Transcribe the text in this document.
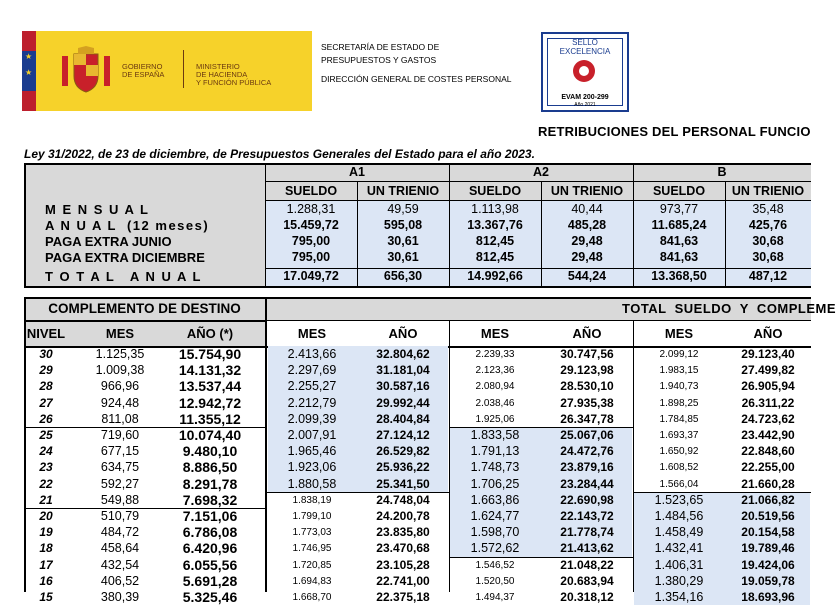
★
★
GOBIERNO
DE ESPAÑA
MINISTERIO
DE HACIENDA
Y FUNCIÓN PÚBLICA
SECRETARÍA DE ESTADO DE
PRESUPUESTOS Y GASTOS
DIRECCIÓN GENERAL DE COSTES PERSONAL
SELLO
EXCELENCIA
EVAM 200-299
Año 2021
RETRIBUCIONES DEL PERSONAL FUNCIO
Ley 31/2022, de 23 de diciembre, de Presupuestos Generales del Estado para el año 2023.
A1	A2	B
SUELDO	UN TRIENIO	SUELDO	UN TRIENIO	SUELDO	UN TRIENIO
M E N S U A L	1.288,31	49,59	1.113,98	40,44	973,77	35,48
A N U A L  (12 meses)	15.459,72	595,08	13.367,76	485,28	11.685,24	425,76
PAGA EXTRA JUNIO	795,00	30,61	812,45	29,48	841,63	30,68
PAGA EXTRA DICIEMBRE	795,00	30,61	812,45	29,48	841,63	30,68
T O T A L   A N U A L	17.049,72	656,30	14.992,66	544,24	13.368,50	487,12
COMPLEMENTO DE DESTINO	TOTAL  SUELDO  Y  COMPLEME
NIVEL	MES	AÑO (*)	MES	AÑO	MES	AÑO	MES	AÑO
30	1.125,35	15.754,90	2.413,66	32.804,62	2.239,33	30.747,56	2.099,12	29.123,40
29	1.009,38	14.131,32	2.297,69	31.181,04	2.123,36	29.123,98	1.983,15	27.499,82
28	966,96	13.537,44	2.255,27	30.587,16	2.080,94	28.530,10	1.940,73	26.905,94
27	924,48	12.942,72	2.212,79	29.992,44	2.038,46	27.935,38	1.898,25	26.311,22
26	811,08	11.355,12	2.099,39	28.404,84	1.925,06	26.347,78	1.784,85	24.723,62
25	719,60	10.074,40	2.007,91	27.124,12	1.833,58	25.067,06	1.693,37	23.442,90
24	677,15	9.480,10	1.965,46	26.529,82	1.791,13	24.472,76	1.650,92	22.848,60
23	634,75	8.886,50	1.923,06	25.936,22	1.748,73	23.879,16	1.608,52	22.255,00
22	592,27	8.291,78	1.880,58	25.341,50	1.706,25	23.284,44	1.566,04	21.660,28
21	549,88	7.698,32	1.838,19	24.748,04	1.663,86	22.690,98	1.523,65	21.066,82
20	510,79	7.151,06	1.799,10	24.200,78	1.624,77	22.143,72	1.484,56	20.519,56
19	484,72	6.786,08	1.773,03	23.835,80	1.598,70	21.778,74	1.458,49	20.154,58
18	458,64	6.420,96	1.746,95	23.470,68	1.572,62	21.413,62	1.432,41	19.789,46
17	432,54	6.055,56	1.720,85	23.105,28	1.546,52	21.048,22	1.406,31	19.424,06
16	406,52	5.691,28	1.694,83	22.741,00	1.520,50	20.683,94	1.380,29	19.059,78
15	380,39	5.325,46	1.668,70	22.375,18	1.494,37	20.318,12	1.354,16	18.693,96
